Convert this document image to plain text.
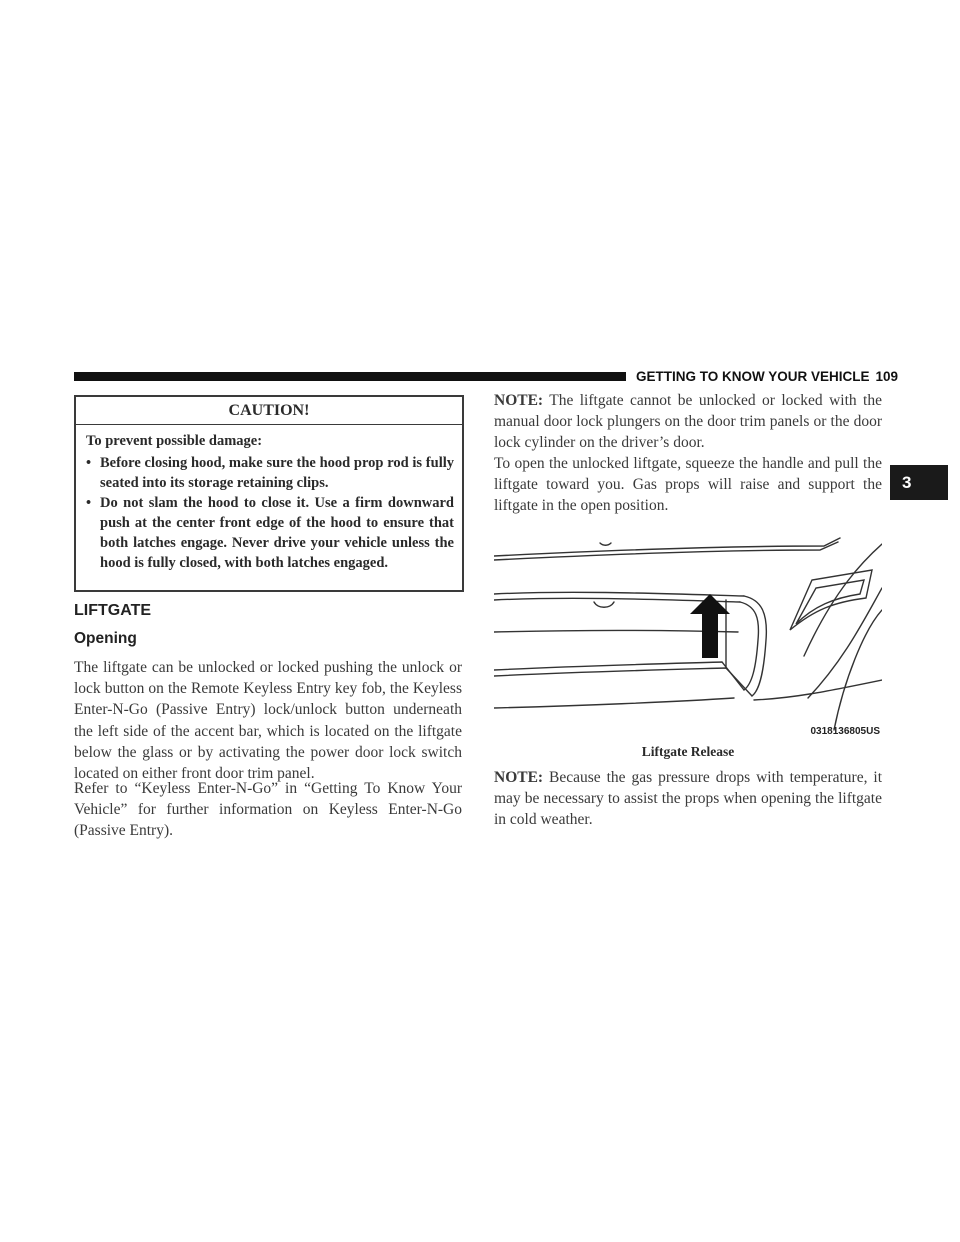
GETTING TO KNOW YOUR VEHICLE 109
3
CAUTION!
To prevent possible damage:
• Before closing hood, make sure the hood prop rod is fully seated into its storage retaining clips.
• Do not slam the hood to close it. Use a firm downward push at the center front edge of the hood to ensure that both latches engage. Never drive your vehicle unless the hood is fully closed, with both latches engaged.
LIFTGATE
Opening

The liftgate can be unlocked or locked pushing the unlock or lock button on the Remote Keyless Entry key fob, the Keyless Enter-N-Go (Passive Entry) lock/unlock button underneath the left side of the accent bar, which is located on the liftgate below the glass or by activating the power door lock switch located on either front door trim panel.

Refer to “Keyless Enter-N-Go” in “Getting To Know Your Vehicle” for further information on Keyless Enter-N-Go (Passive Entry).

NOTE: The liftgate cannot be unlocked or locked with the manual door lock plungers on the door trim panels or the door lock cylinder on the driver’s door.

To open the unlocked liftgate, squeeze the handle and pull the liftgate toward you. Gas props will raise and support the liftgate in the open position.

0318136805US
Liftgate Release

NOTE: Because the gas pressure drops with temperature, it may be necessary to assist the props when opening the liftgate in cold weather.
